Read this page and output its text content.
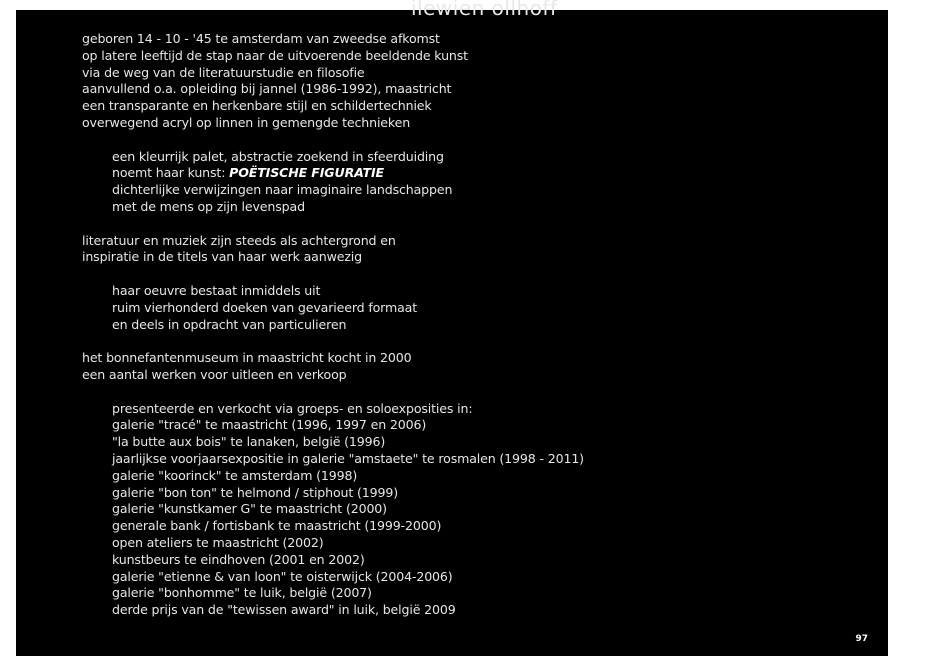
ilewien ollhoff
geboren 14 - 10 - '45 te amsterdam van zweedse afkomst
op latere leeftijd de stap naar de uitvoerende beeldende kunst
via de weg van de literatuurstudie en filosofie
aanvullend o.a. opleiding bij jannel (1986-1992), maastricht
een transparante en herkenbare stijl en schildertechniek
overwegend acryl op linnen in gemengde technieken
een kleurrijk palet, abstractie zoekend in sfeerduiding
noemt haar kunst: POËTISCHE FIGURATIE
dichterlijke verwijzingen naar imaginaire landschappen
met de mens op zijn levenspad
literatuur en muziek zijn steeds als achtergrond en
inspiratie in de titels van haar werk aanwezig
haar oeuvre bestaat inmiddels uit
ruim vierhonderd doeken van gevarieerd formaat
en deels in opdracht van particulieren
het bonnefantenmuseum in maastricht kocht in 2000
een aantal werken voor uitleen en verkoop
presenteerde en verkocht via groeps- en soloexposities in:
galerie "tracé" te maastricht (1996, 1997 en 2006)
"la butte aux bois" te lanaken, belgië (1996)
jaarlijkse voorjaarsexpositie in galerie "amstaete" te rosmalen (1998 - 2011)
galerie "koorinck" te amsterdam (1998)
galerie "bon ton" te helmond / stiphout (1999)
galerie "kunstkamer G" te maastricht (2000)
generale bank / fortisbank te maastricht (1999-2000)
open ateliers te maastricht (2002)
kunstbeurs te eindhoven (2001 en 2002)
galerie "etienne & van loon" te oisterwijck (2004-2006)
galerie "bonhomme" te luik, belgië (2007)
derde prijs van de "tewissen award" in luik, belgië 2009
97
